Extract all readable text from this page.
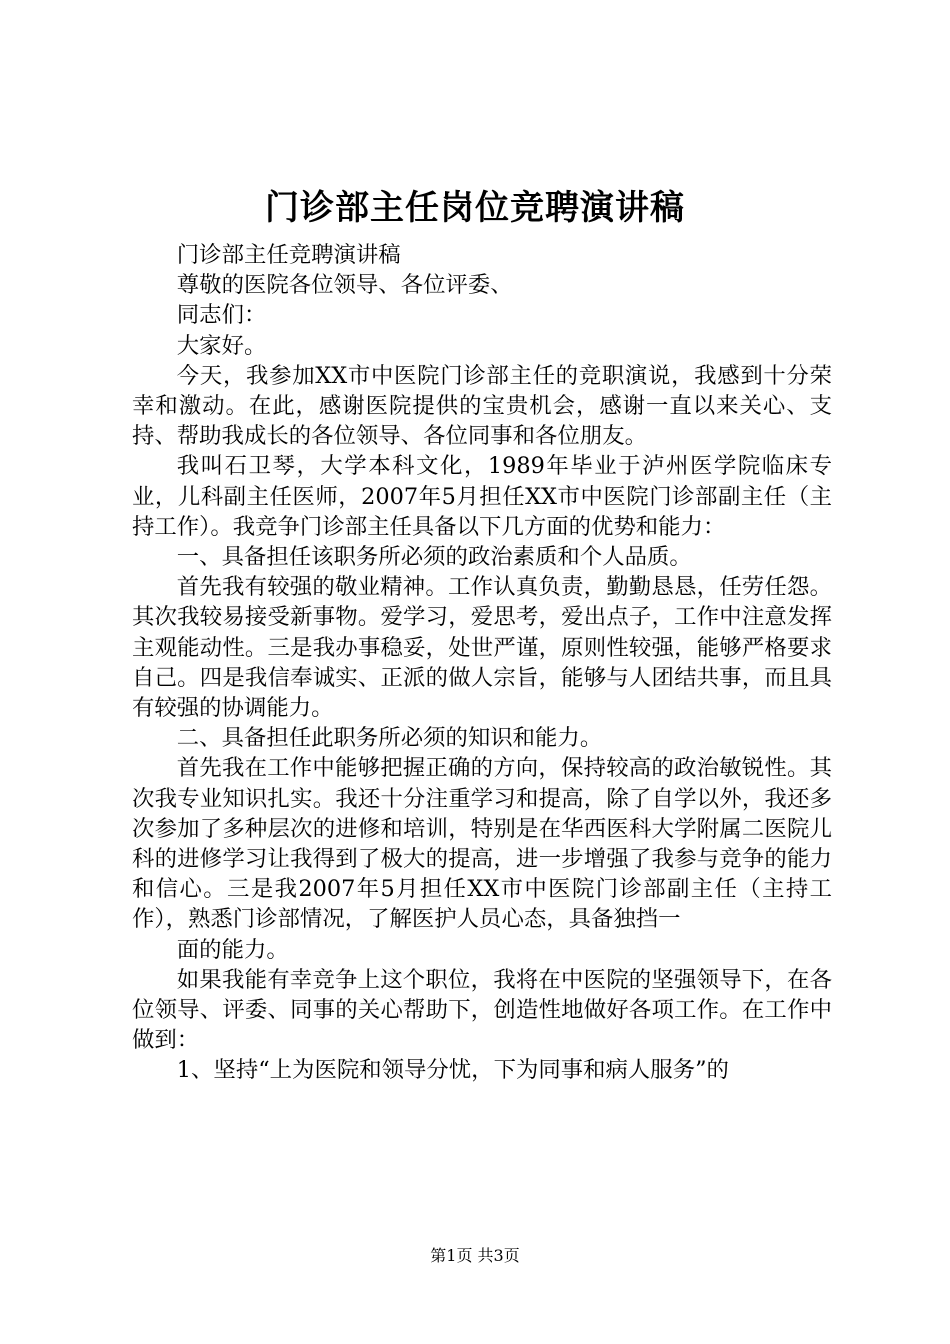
门诊部主任岗位竞聘演讲稿

门诊部主任竞聘演讲稿

尊敬的医院各位领导、各位评委、

同志们：

大家好。

今天，我参加XX市中医院门诊部主任的竞职演说，我感到十分荣幸和激动。在此，感谢医院提供的宝贵机会，感谢一直以来关心、支持、帮助我成长的各位领导、各位同事和各位朋友。

我叫石卫琴，大学本科文化，1989年毕业于泸州医学院临床专业，儿科副主任医师，2007年5月担任XX市中医院门诊部副主任（主持工作）。我竞争门诊部主任具备以下几方面的优势和能力：

一、具备担任该职务所必须的政治素质和个人品质。

首先我有较强的敬业精神。工作认真负责，勤勤恳恳，任劳任怨。其次我较易接受新事物。爱学习，爱思考，爱出点子，工作中注意发挥主观能动性。三是我办事稳妥，处世严谨，原则性较强，能够严格要求自己。四是我信奉诚实、正派的做人宗旨，能够与人团结共事，而且具有较强的协调能力。

二、具备担任此职务所必须的知识和能力。

首先我在工作中能够把握正确的方向，保持较高的政治敏锐性。其次我专业知识扎实。我还十分注重学习和提高，除了自学以外，我还多次参加了多种层次的进修和培训，特别是在华西医科大学附属二医院儿科的进修学习让我得到了极大的提高，进一步增强了我参与竞争的能力和信心。三是我2007年5月担任XX市中医院门诊部副主任（主持工作），熟悉门诊部情况，了解医护人员心态，具备独挡一

面的能力。

如果我能有幸竞争上这个职位，我将在中医院的坚强领导下，在各位领导、评委、同事的关心帮助下，创造性地做好各项工作。在工作中做到：

1、坚持“上为医院和领导分忧，下为同事和病人服务”的

第1页 共3页
